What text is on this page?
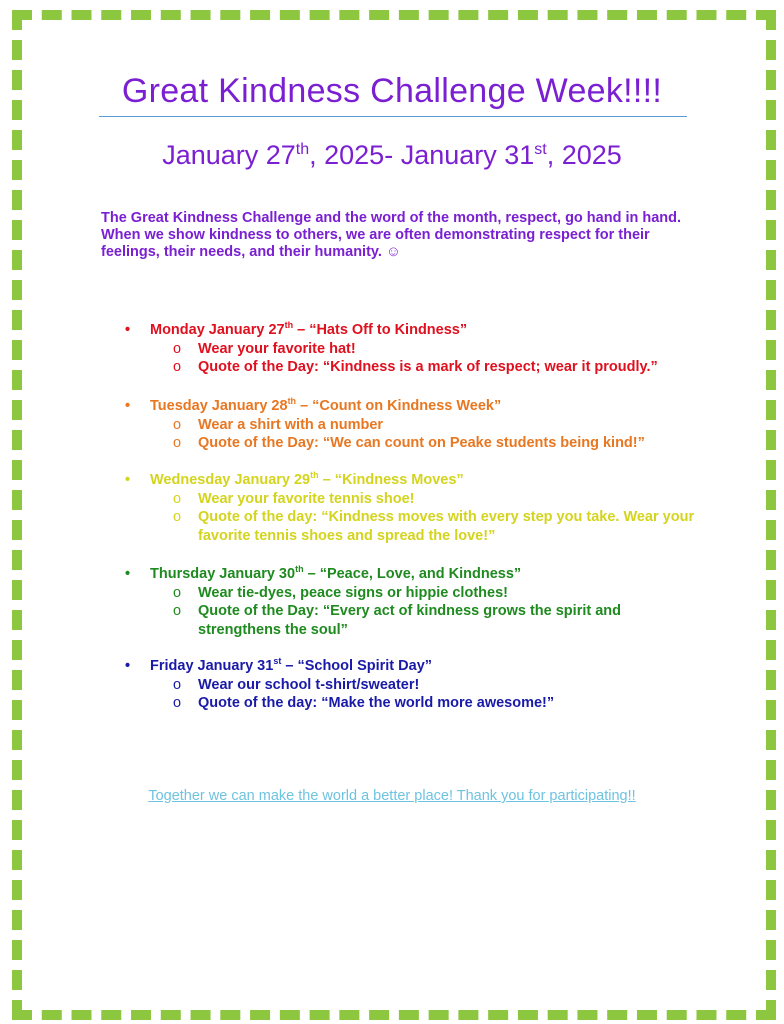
Great Kindness Challenge Week!!!!
January 27th, 2025- January 31st, 2025
The Great Kindness Challenge and the word of the month, respect, go hand in hand. When we show kindness to others, we are often demonstrating respect for their feelings, their needs, and their humanity. ☺
• Monday January 27th – “Hats Off to Kindness”
o Wear your favorite hat!
o Quote of the Day: “Kindness is a mark of respect; wear it proudly.”
• Tuesday January 28th – “Count on Kindness Week”
o Wear a shirt with a number
o Quote of the Day: “We can count on Peake students being kind!”
• Wednesday January 29th – “Kindness Moves”
o Wear your favorite tennis shoe!
o Quote of the day: “Kindness moves with every step you take. Wear your favorite tennis shoes and spread the love!”
• Thursday January 30th – “Peace, Love, and Kindness”
o Wear tie-dyes, peace signs or hippie clothes!
o Quote of the Day: “Every act of kindness grows the spirit and strengthens the soul”
• Friday January 31st – “School Spirit Day”
o Wear our school t-shirt/sweater!
o Quote of the day: “Make the world more awesome!”
Together we can make the world a better place! Thank you for participating!!
